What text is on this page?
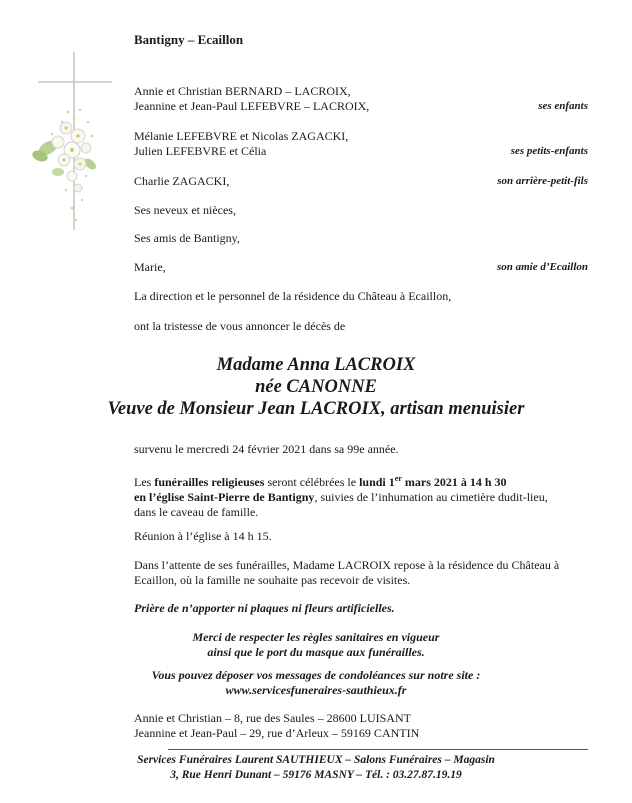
Bantigny – Ecaillon
Annie et Christian BERNARD – LACROIX,
Jeannine et Jean-Paul LEFEBVRE – LACROIX,	ses enfants
Mélanie LEFEBVRE et Nicolas ZAGACKI,
Julien LEFEBVRE et Célia	ses petits-enfants
Charlie ZAGACKI,	son arrière-petit-fils
Ses neveux et nièces,
Ses amis de Bantigny,
Marie,	son amie d’Ecaillon
La direction et le personnel de la résidence du Château à Ecaillon,
ont la tristesse de vous annoncer le décès de
Madame Anna LACROIX
née CANONNE
Veuve de Monsieur Jean LACROIX, artisan menuisier
survenu le mercredi 24 février 2021 dans sa 99e année.
Les funérailles religieuses seront célébrées le lundi 1er mars 2021 à 14 h 30
en l’église Saint-Pierre de Bantigny, suivies de l’inhumation au cimetière dudit-lieu,
dans le caveau de famille.
Réunion à l’église à 14 h 15.
Dans l’attente de ses funérailles, Madame LACROIX repose à la résidence du Château à
Ecaillon, où la famille ne souhaite pas recevoir de visites.
Prière de n’apporter ni plaques ni fleurs artificielles.
Merci de respecter les règles sanitaires en vigueur
ainsi que le port du masque aux funérailles.
Vous pouvez déposer vos messages de condoléances sur notre site :
www.servicesfuneraires-sauthieux.fr
Annie et Christian – 8, rue des Saules – 28600 LUISANT
Jeannine et Jean-Paul – 29, rue d’Arleux – 59169 CANTIN
Services Funéraires Laurent SAUTHIEUX – Salons Funéraires – Magasin
3, Rue Henri Dunant – 59176 MASNY – Tél. : 03.27.87.19.19
